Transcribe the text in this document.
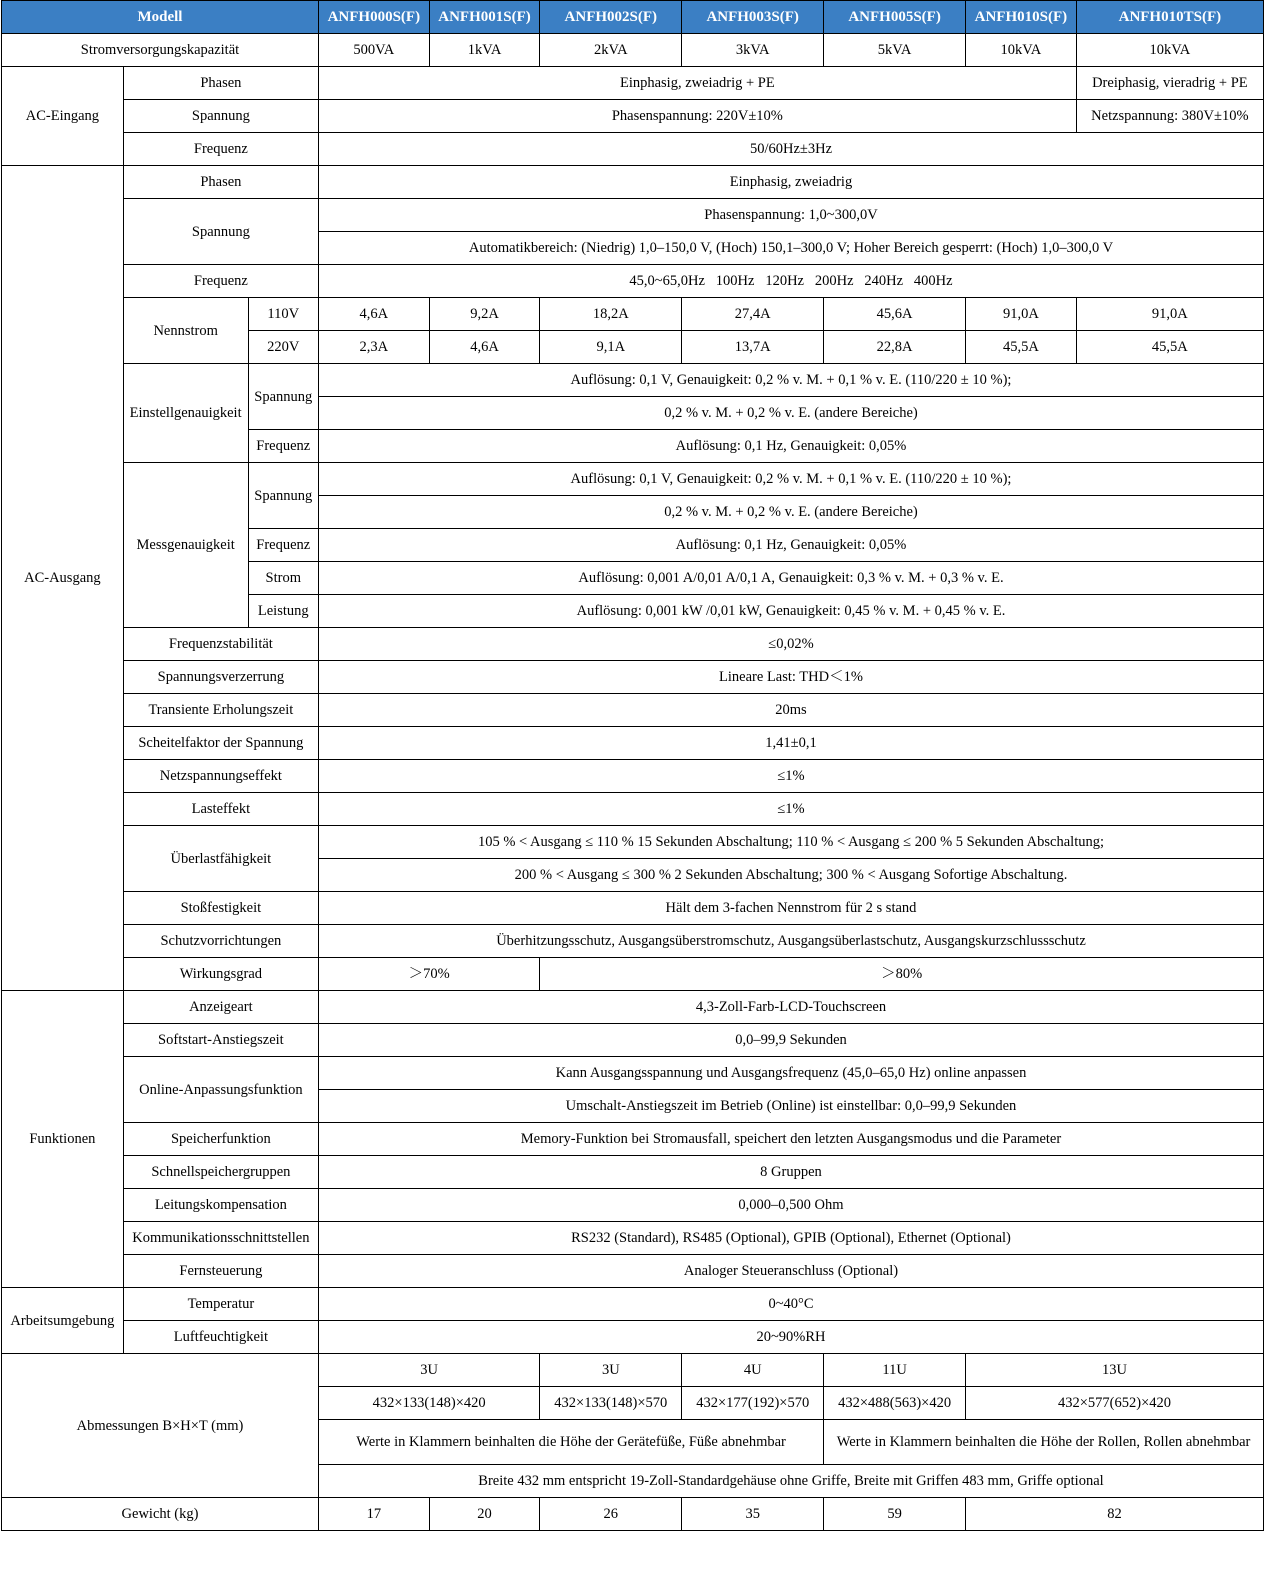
Modell			ANFH000S(F)	ANFH001S(F)	ANFH002S(F)	ANFH003S(F)	ANFH005S(F)	ANFH010S(F)	ANFH010TS(F)
Stromversorgungskapazität			500VA	1kVA	2kVA	3kVA	5kVA	10kVA	10kVA
AC-Eingang	Phasen		Einphasig, zweiadrig + PE						Dreiphasig, vieradrig + PE
	Spannung		Phasenspannung: 220V±10%						Netzspannung: 380V±10%
	Frequenz		50/60Hz±3Hz						
AC-Ausgang	Phasen		Einphasig, zweiadrig						
	Spannung		Phasenspannung: 1,0~300,0V						
			Automatikbereich: (Niedrig) 1,0–150,0 V, (Hoch) 150,1–300,0 V; Hoher Bereich gesperrt: (Hoch) 1,0–300,0 V						
	Frequenz		45,0~65,0Hz   100Hz   120Hz   200Hz   240Hz   400Hz						
	Nennstrom	110V	4,6A	9,2A	18,2A	27,4A	45,6A	91,0A	91,0A
		220V	2,3A	4,6A	9,1A	13,7A	22,8A	45,5A	45,5A
	Einstellgenauigkeit	Spannung	Auflösung: 0,1 V, Genauigkeit: 0,2 % v. M. + 0,1 % v. E. (110/220 ± 10 %);						
			0,2 % v. M. + 0,2 % v. E. (andere Bereiche)						
		Frequenz	Auflösung: 0,1 Hz, Genauigkeit: 0,05%						
	Messgenauigkeit	Spannung	Auflösung: 0,1 V, Genauigkeit: 0,2 % v. M. + 0,1 % v. E. (110/220 ± 10 %);						
			0,2 % v. M. + 0,2 % v. E. (andere Bereiche)						
		Frequenz	Auflösung: 0,1 Hz, Genauigkeit: 0,05%						
		Strom	Auflösung: 0,001 A/0,01 A/0,1 A, Genauigkeit: 0,3 % v. M. + 0,3 % v. E.						
		Leistung	Auflösung: 0,001 kW /0,01 kW, Genauigkeit: 0,45 % v. M. + 0,45 % v. E.						
	Frequenzstabilität		≤0,02%						
	Spannungsverzerrung		Lineare Last: THD＜1%						
	Transiente Erholungszeit		20ms						
	Scheitelfaktor der Spannung		1,41±0,1						
	Netzspannungseffekt		≤1%						
	Lasteffekt		≤1%						
	Überlastfähigkeit		105 % < Ausgang ≤ 110 % 15 Sekunden Abschaltung; 110 % < Ausgang ≤ 200 % 5 Sekunden Abschaltung;						
			200 % < Ausgang ≤ 300 % 2 Sekunden Abschaltung; 300 % < Ausgang Sofortige Abschaltung.						
	Stoßfestigkeit		Hält dem 3-fachen Nennstrom für 2 s stand						
	Schutzvorrichtungen		Überhitzungsschutz, Ausgangsüberstromschutz, Ausgangsüberlastschutz, Ausgangskurzschlussschutz						
	Wirkungsgrad		＞70%		＞80%				
Funktionen	Anzeigeart		4,3-Zoll-Farb-LCD-Touchscreen						
	Softstart-Anstiegszeit		0,0–99,9 Sekunden						
	Online-Anpassungsfunktion		Kann Ausgangsspannung und Ausgangsfrequenz (45,0–65,0 Hz) online anpassen						
			Umschalt-Anstiegszeit im Betrieb (Online) ist einstellbar: 0,0–99,9 Sekunden						
	Speicherfunktion		Memory-Funktion bei Stromausfall, speichert den letzten Ausgangsmodus und die Parameter						
	Schnellspeichergruppen		8 Gruppen						
	Leitungskompensation		0,000–0,500 Ohm						
	Kommunikationsschnittstellen		RS232 (Standard), RS485 (Optional), GPIB (Optional), Ethernet (Optional)						
	Fernsteuerung		Analoger Steueranschluss (Optional)						
Arbeitsumgebung	Temperatur		0~40°C						
	Luftfeuchtigkeit		20~90%RH						
Abmessungen B×H×T (mm)			3U		3U	4U	11U	13U	
			432×133(148)×420		432×133(148)×570	432×177(192)×570	432×488(563)×420	432×577(652)×420	
			Werte in Klammern beinhalten die Höhe der Gerätefüße, Füße abnehmbar				Werte in Klammern beinhalten die Höhe der Rollen, Rollen abnehmbar		
			Breite 432 mm entspricht 19-Zoll-Standardgehäuse ohne Griffe, Breite mit Griffen 483 mm, Griffe optional						
Gewicht (kg)			17	20	26	35	59	82	
